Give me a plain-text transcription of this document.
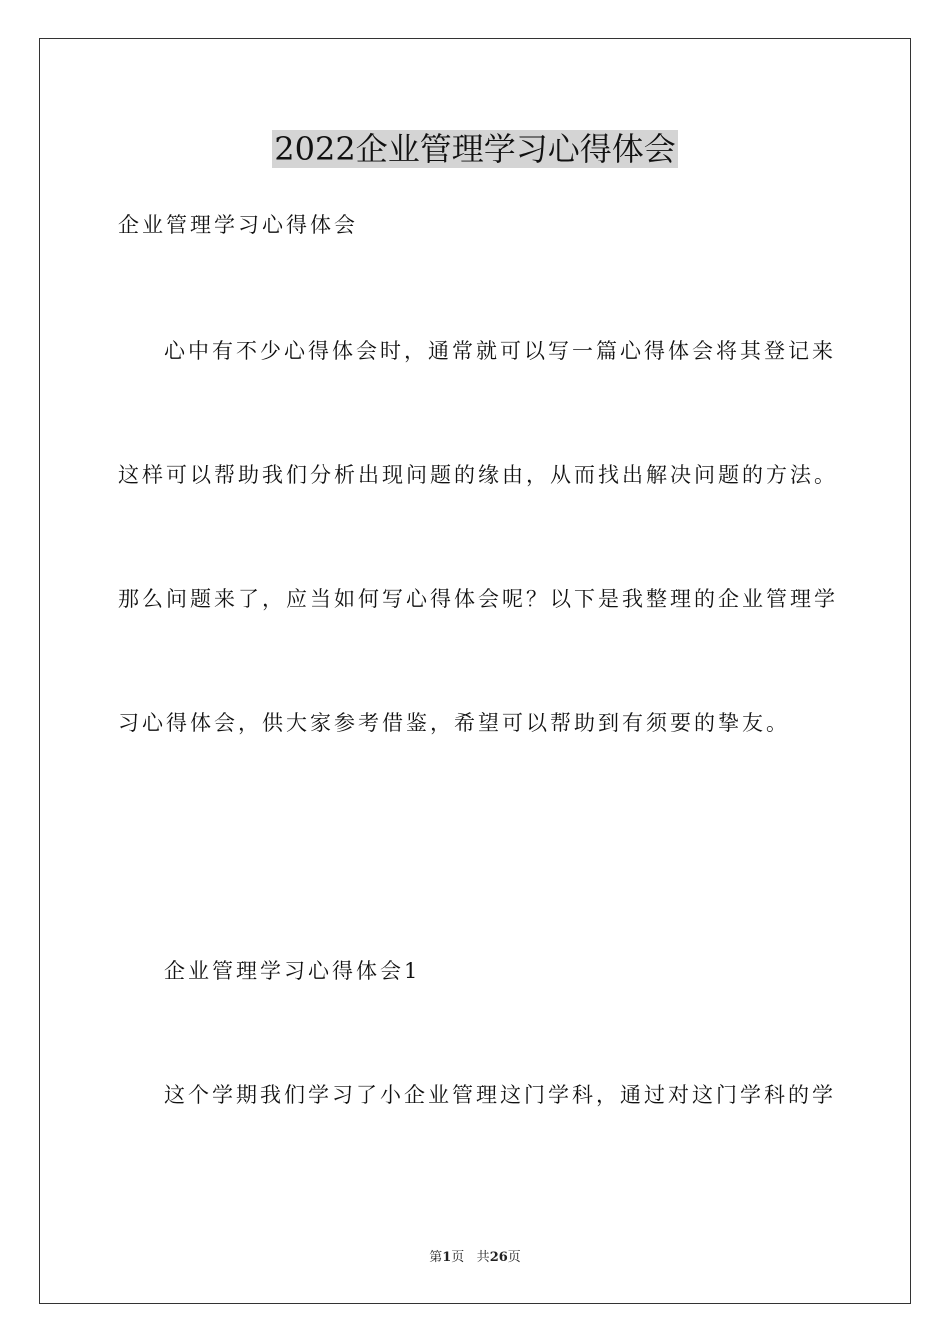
2022企业管理学习心得体会
企业管理学习心得体会
心中有不少心得体会时，通常就可以写一篇心得体会将其登记来
这样可以帮助我们分析出现问题的缘由，从而找出解决问题的方法。
那么问题来了，应当如何写心得体会呢？以下是我整理的企业管理学
习心得体会，供大家参考借鉴，希望可以帮助到有须要的挚友。
企业管理学习心得体会1
这个学期我们学习了小企业管理这门学科，通过对这门学科的学
第1页 共26页
